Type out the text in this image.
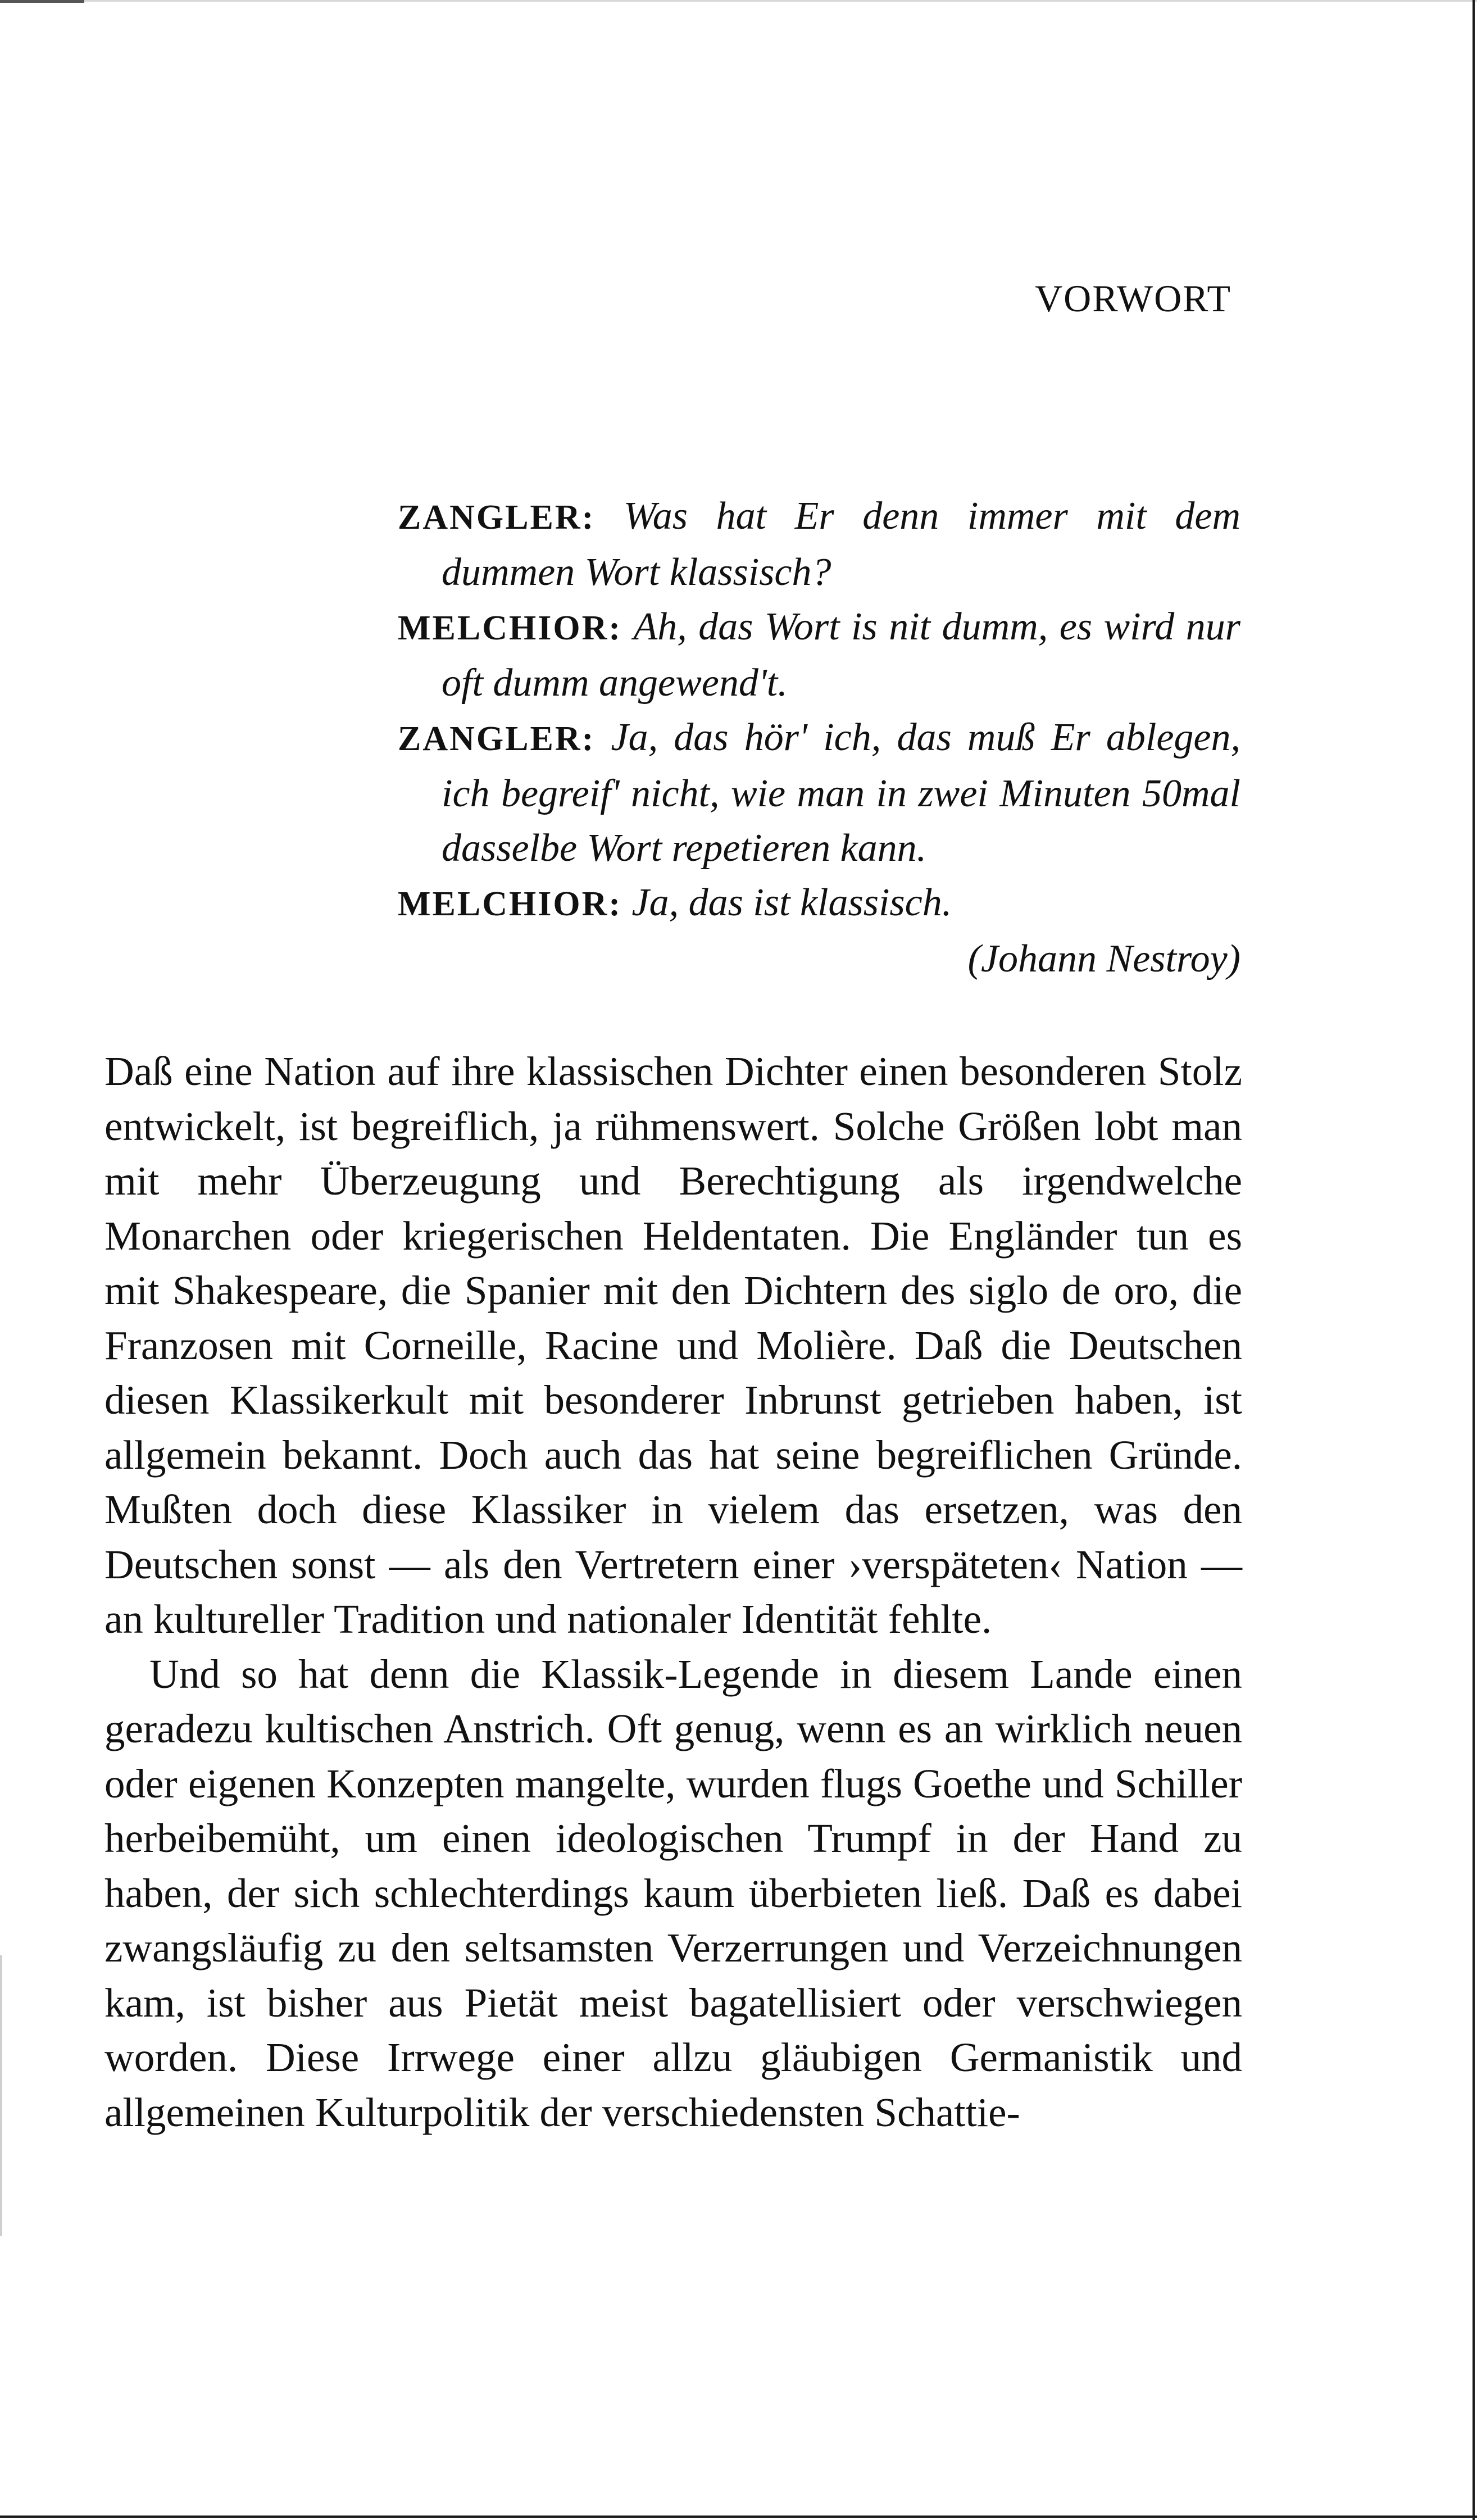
VORWORT
ZANGLER: Was hat Er denn immer mit dem dummen Wort klassisch?
MELCHIOR: Ah, das Wort is nit dumm, es wird nur oft dumm angewend't.
ZANGLER: Ja, das hör' ich, das muß Er ablegen, ich begreif' nicht, wie man in zwei Minuten 50mal dasselbe Wort repetieren kann.
MELCHIOR: Ja, das ist klassisch.
(Johann Nestroy)

Daß eine Nation auf ihre klassischen Dichter einen besonderen Stolz entwickelt, ist begreiflich, ja rühmenswert. Solche Größen lobt man mit mehr Überzeugung und Berechtigung als irgendwelche Monarchen oder kriegerischen Heldentaten. Die Engländer tun es mit Shakespeare, die Spanier mit den Dichtern des siglo de oro, die Franzosen mit Corneille, Racine und Molière. Daß die Deutschen diesen Klassikerkult mit besonderer Inbrunst getrieben haben, ist allgemein bekannt. Doch auch das hat seine begreiflichen Gründe. Mußten doch diese Klassiker in vielem das ersetzen, was den Deutschen sonst — als den Vertretern einer ›verspäteten‹ Nation — an kultureller Tradition und nationaler Identität fehlte.

Und so hat denn die Klassik-Legende in diesem Lande einen geradezu kultischen Anstrich. Oft genug, wenn es an wirklich neuen oder eigenen Konzepten mangelte, wurden flugs Goethe und Schiller herbeibemüht, um einen ideologischen Trumpf in der Hand zu haben, der sich schlechterdings kaum überbieten ließ. Daß es dabei zwangsläufig zu den seltsamsten Verzerrungen und Verzeichnungen kam, ist bisher aus Pietät meist bagatellisiert oder verschwiegen worden. Diese Irrwege einer allzu gläubigen Germanistik und allgemeinen Kulturpolitik der verschiedensten Schattie-
